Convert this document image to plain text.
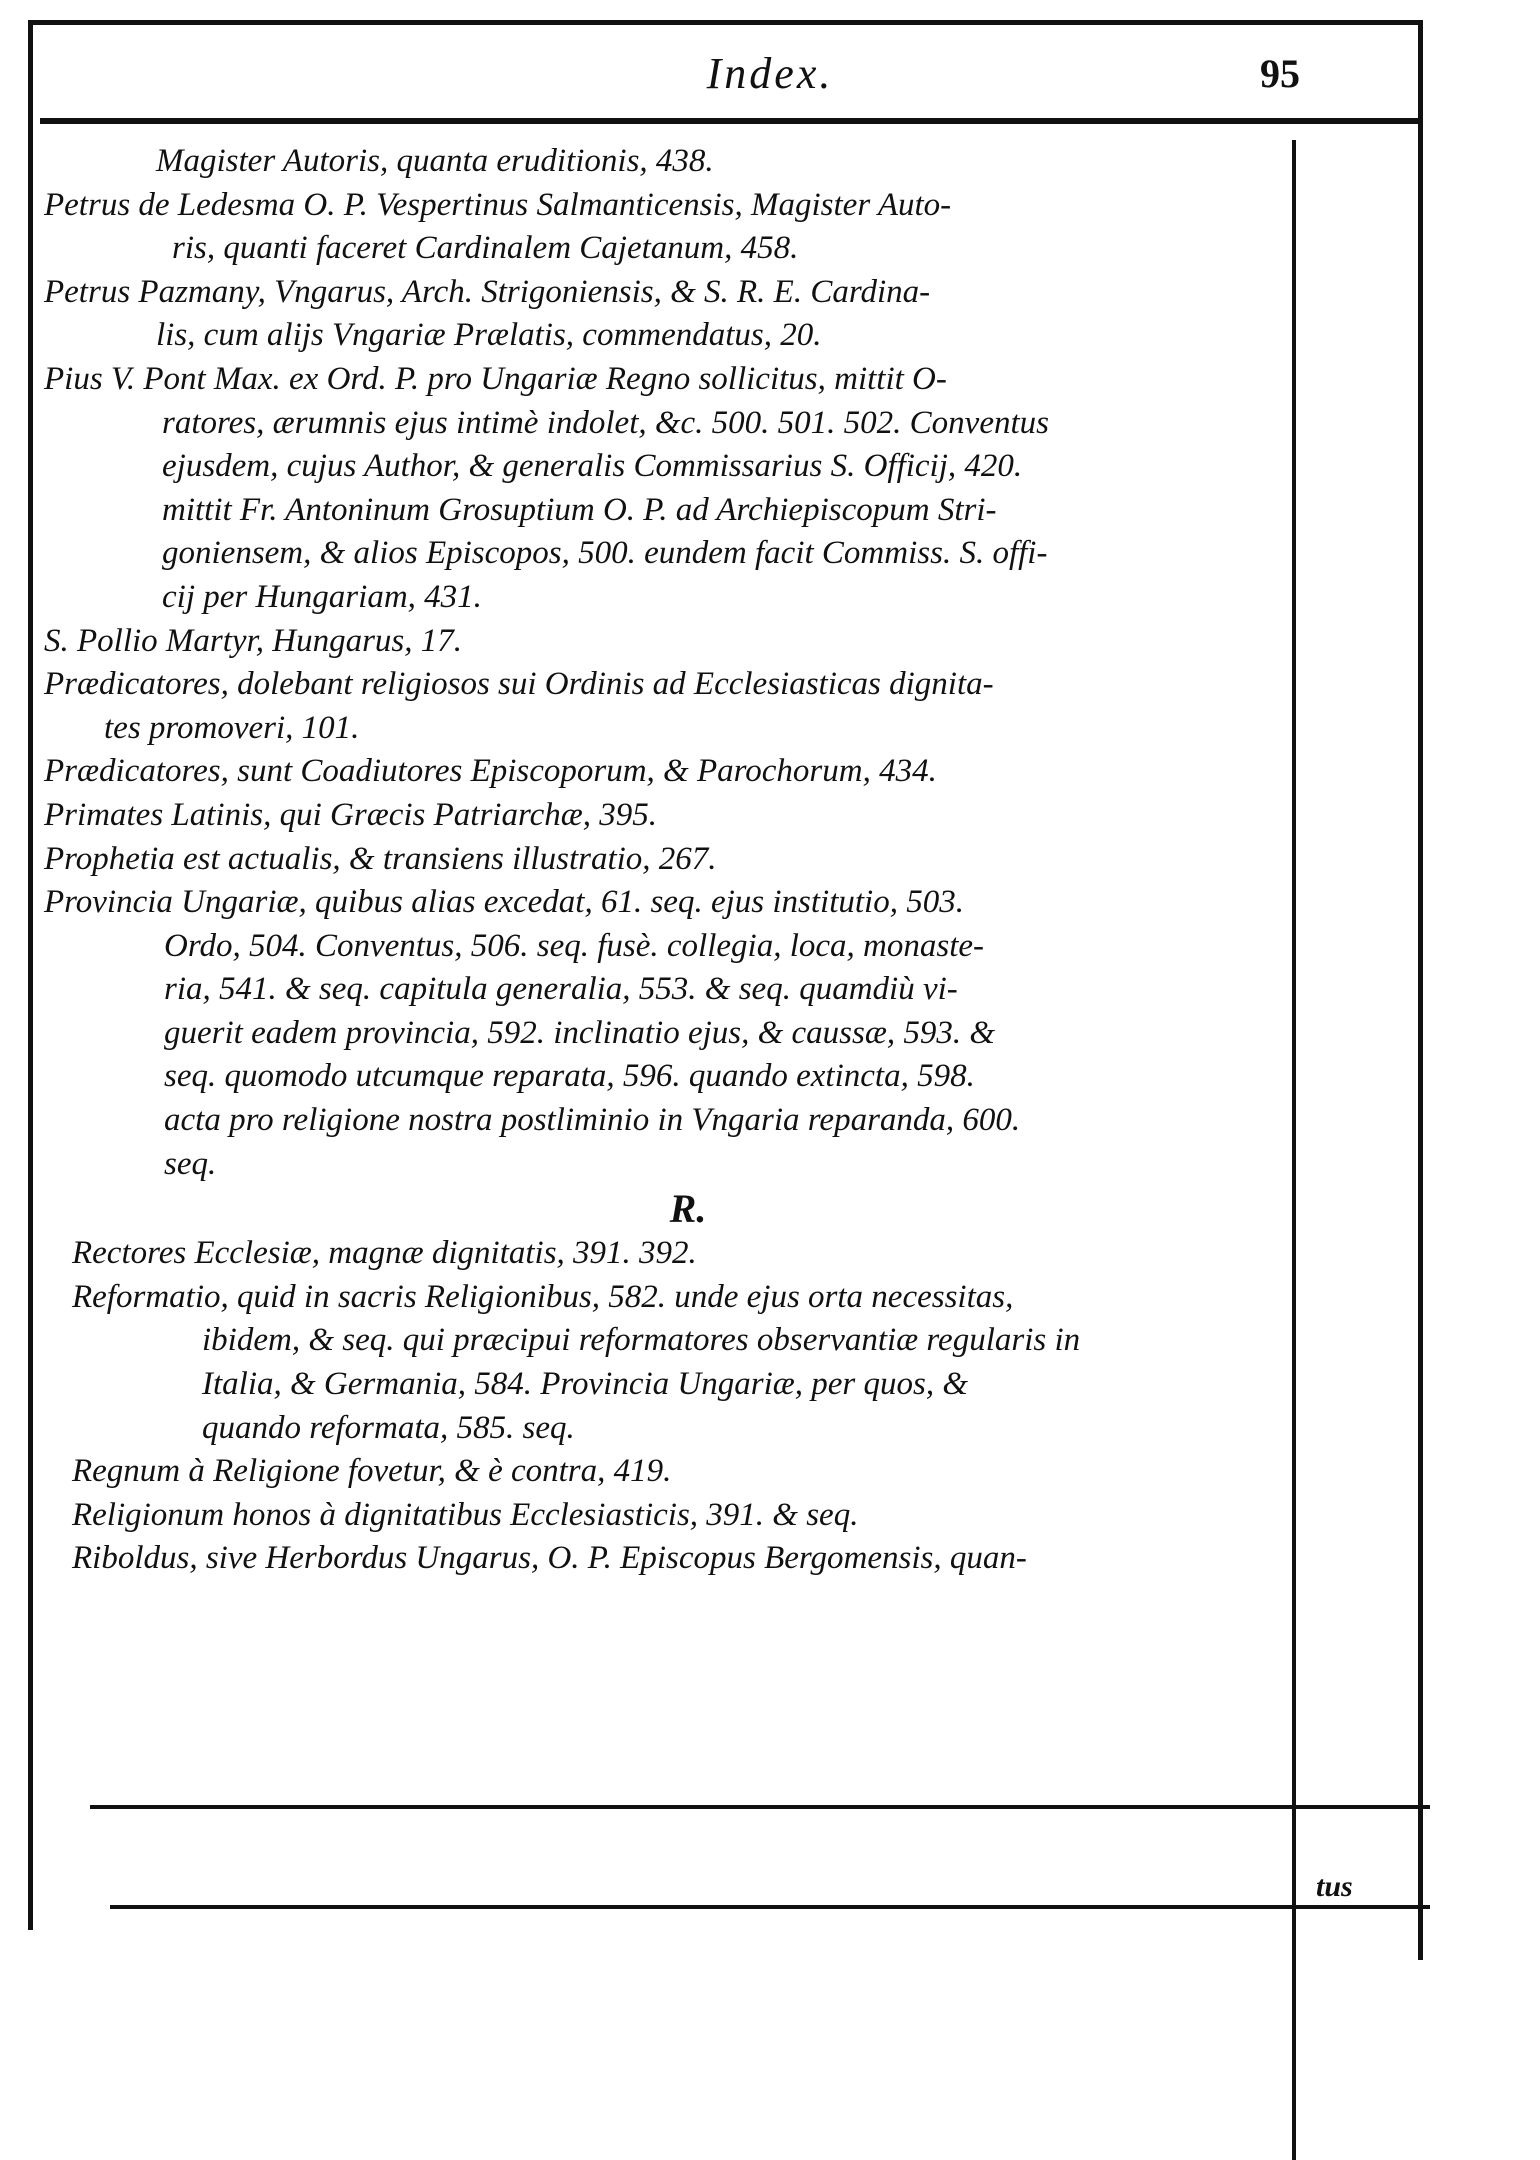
Index.	95
Magister Autoris, quanta eruditionis, 438.
Petrus de Ledesma O. P. Vespertinus Salmanticensis, Magister Auto-
ris, quanti faceret Cardinalem Cajetanum, 458.
Petrus Pazmany, Vngarus, Arch. Strigoniensis, & S. R. E. Cardina-
lis, cum alijs Vngariæ Prælatis, commendatus, 20.
Pius V. Pont Max. ex Ord. P. pro Ungariæ Regno sollicitus, mittit O-
ratores, ærumnis ejus intimè indolet, &c. 500. 501. 502. Conventus
ejusdem, cujus Author, & generalis Commissarius S. Officij, 420.
mittit Fr. Antoninum Grosuptium O. P. ad Archiepiscopum Stri-
goniensem, & alios Episcopos, 500. eundem facit Commiss. S. offi-
cij per Hungariam, 431.
S. Pollio Martyr, Hungarus, 17.
Prædicatores, dolebant religiosos sui Ordinis ad Ecclesiasticas dignita-
tes promoveri, 101.
Prædicatores, sunt Coadiutores Episcoporum, & Parochorum, 434.
Primates Latinis, qui Græcis Patriarchæ, 395.
Prophetia est actualis, & transiens illustratio, 267.
Provincia Ungariæ, quibus alias excedat, 61. seq. ejus institutio, 503.
Ordo, 504. Conventus, 506. seq. fusè. collegia, loca, monaste-
ria, 541. & seq. capitula generalia, 553. & seq. quamdiù vi-
guerit eadem provincia, 592. inclinatio ejus, & caussæ, 593. &
seq. quomodo utcumque reparata, 596. quando extincta, 598.
acta pro religione nostra postliminio in Vngaria reparanda, 600.
seq.
R.
Rectores Ecclesiæ, magnæ dignitatis, 391. 392.
Reformatio, quid in sacris Religionibus, 582. unde ejus orta necessitas,
ibidem, & seq. qui præcipui reformatores observantiæ regularis in
Italia, & Germania, 584. Provincia Ungariæ, per quos, &
quando reformata, 585. seq.
Regnum à Religione fovetur, & è contra, 419.
Religionum honos à dignitatibus Ecclesiasticis, 391. & seq.
Riboldus, sive Herbordus Ungarus, O. P. Episcopus Bergomensis, quan-
tus
